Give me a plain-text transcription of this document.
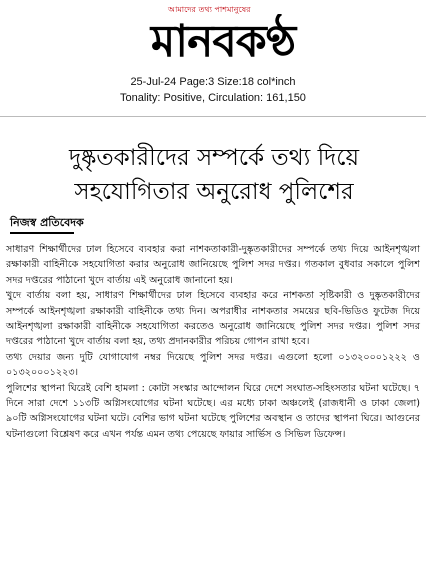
আমাদের তথ্য পাশমানুষের
মানবকণ্ঠ
25-Jul-24 Page:3 Size:18 col*inch
Tonality: Positive, Circulation: 161,150
দুষ্কৃতকারীদের সম্পর্কে তথ্য দিয়ে সহযোগিতার অনুরোধ পুলিশের
নিজস্ব প্রতিবেদক

সাধারণ শিক্ষার্থীদের ঢাল হিসেবে ব্যবহার করা নাশকতাকারী-দুষ্কৃতকারীদের সম্পর্কে তথ্য দিয়ে আইনশৃঙ্খলা রক্ষাকারী বাহিনীকে সহযোগিতা করার অনুরোধ জানিয়েছে পুলিশ সদর দপ্তর। গতকাল বুধবার সকালে পুলিশ সদর দপ্তরের পাঠানো খুদে বার্তায় এই অনুরোধ জানানো হয়।

খুদে বার্তায় বলা হয়, সাধারণ শিক্ষার্থীদের ঢাল হিসেবে ব্যবহার করে নাশকতা সৃষ্টিকারী ও দুষ্কৃতকারীদের সম্পর্কে আইনশৃঙ্খলা রক্ষাকারী বাহিনীকে তথ্য দিন। অপরাধীর নাশকতার সময়ের ছবি-ভিডিও ফুটেজ দিয়ে আইনশৃঙ্খলা রক্ষাকারী বাহিনীকে সহযোগিতা করতেও অনুরোধ জানিয়েছে পুলিশ সদর দপ্তর। পুলিশ সদর দপ্তরের পাঠানো খুদে বার্তায় বলা হয়, তথ্য প্রদানকারীর পরিচয় গোপন রাখা হবে।

তথ্য দেয়ার জন্য দুটি যোগাযোগ নম্বর দিয়েছে পুলিশ সদর দপ্তর। এগুলো হলো ০১৩২০০০১২২২ ও ০১৩২০০০১২২৩।

পুলিশের স্থাপনা ঘিরেই বেশি হামলা : কোটা সংস্কার আন্দোলন ঘিরে দেশে সংঘাত-সহিংসতার ঘটনা ঘটেছে। ৭ দিনে সারা দেশে ১১৩টি অগ্নিসংযোগের ঘটনা ঘটেছে। এর মধ্যে ঢাকা অঞ্চলেই (রাজধানী ও ঢাকা জেলা) ৯০টি অগ্নিসংযোগের ঘটনা ঘটে। বেশির ভাগ ঘটনা ঘটেছে পুলিশের অবস্থান ও তাদের স্থাপনা ঘিরে। আগুনের ঘটনাগুলো বিশ্লেষণ করে এখন পর্যন্ত এমন তথ্য পেয়েছে ফায়ার সার্ভিস ও সিভিল ডিফেন্স।
